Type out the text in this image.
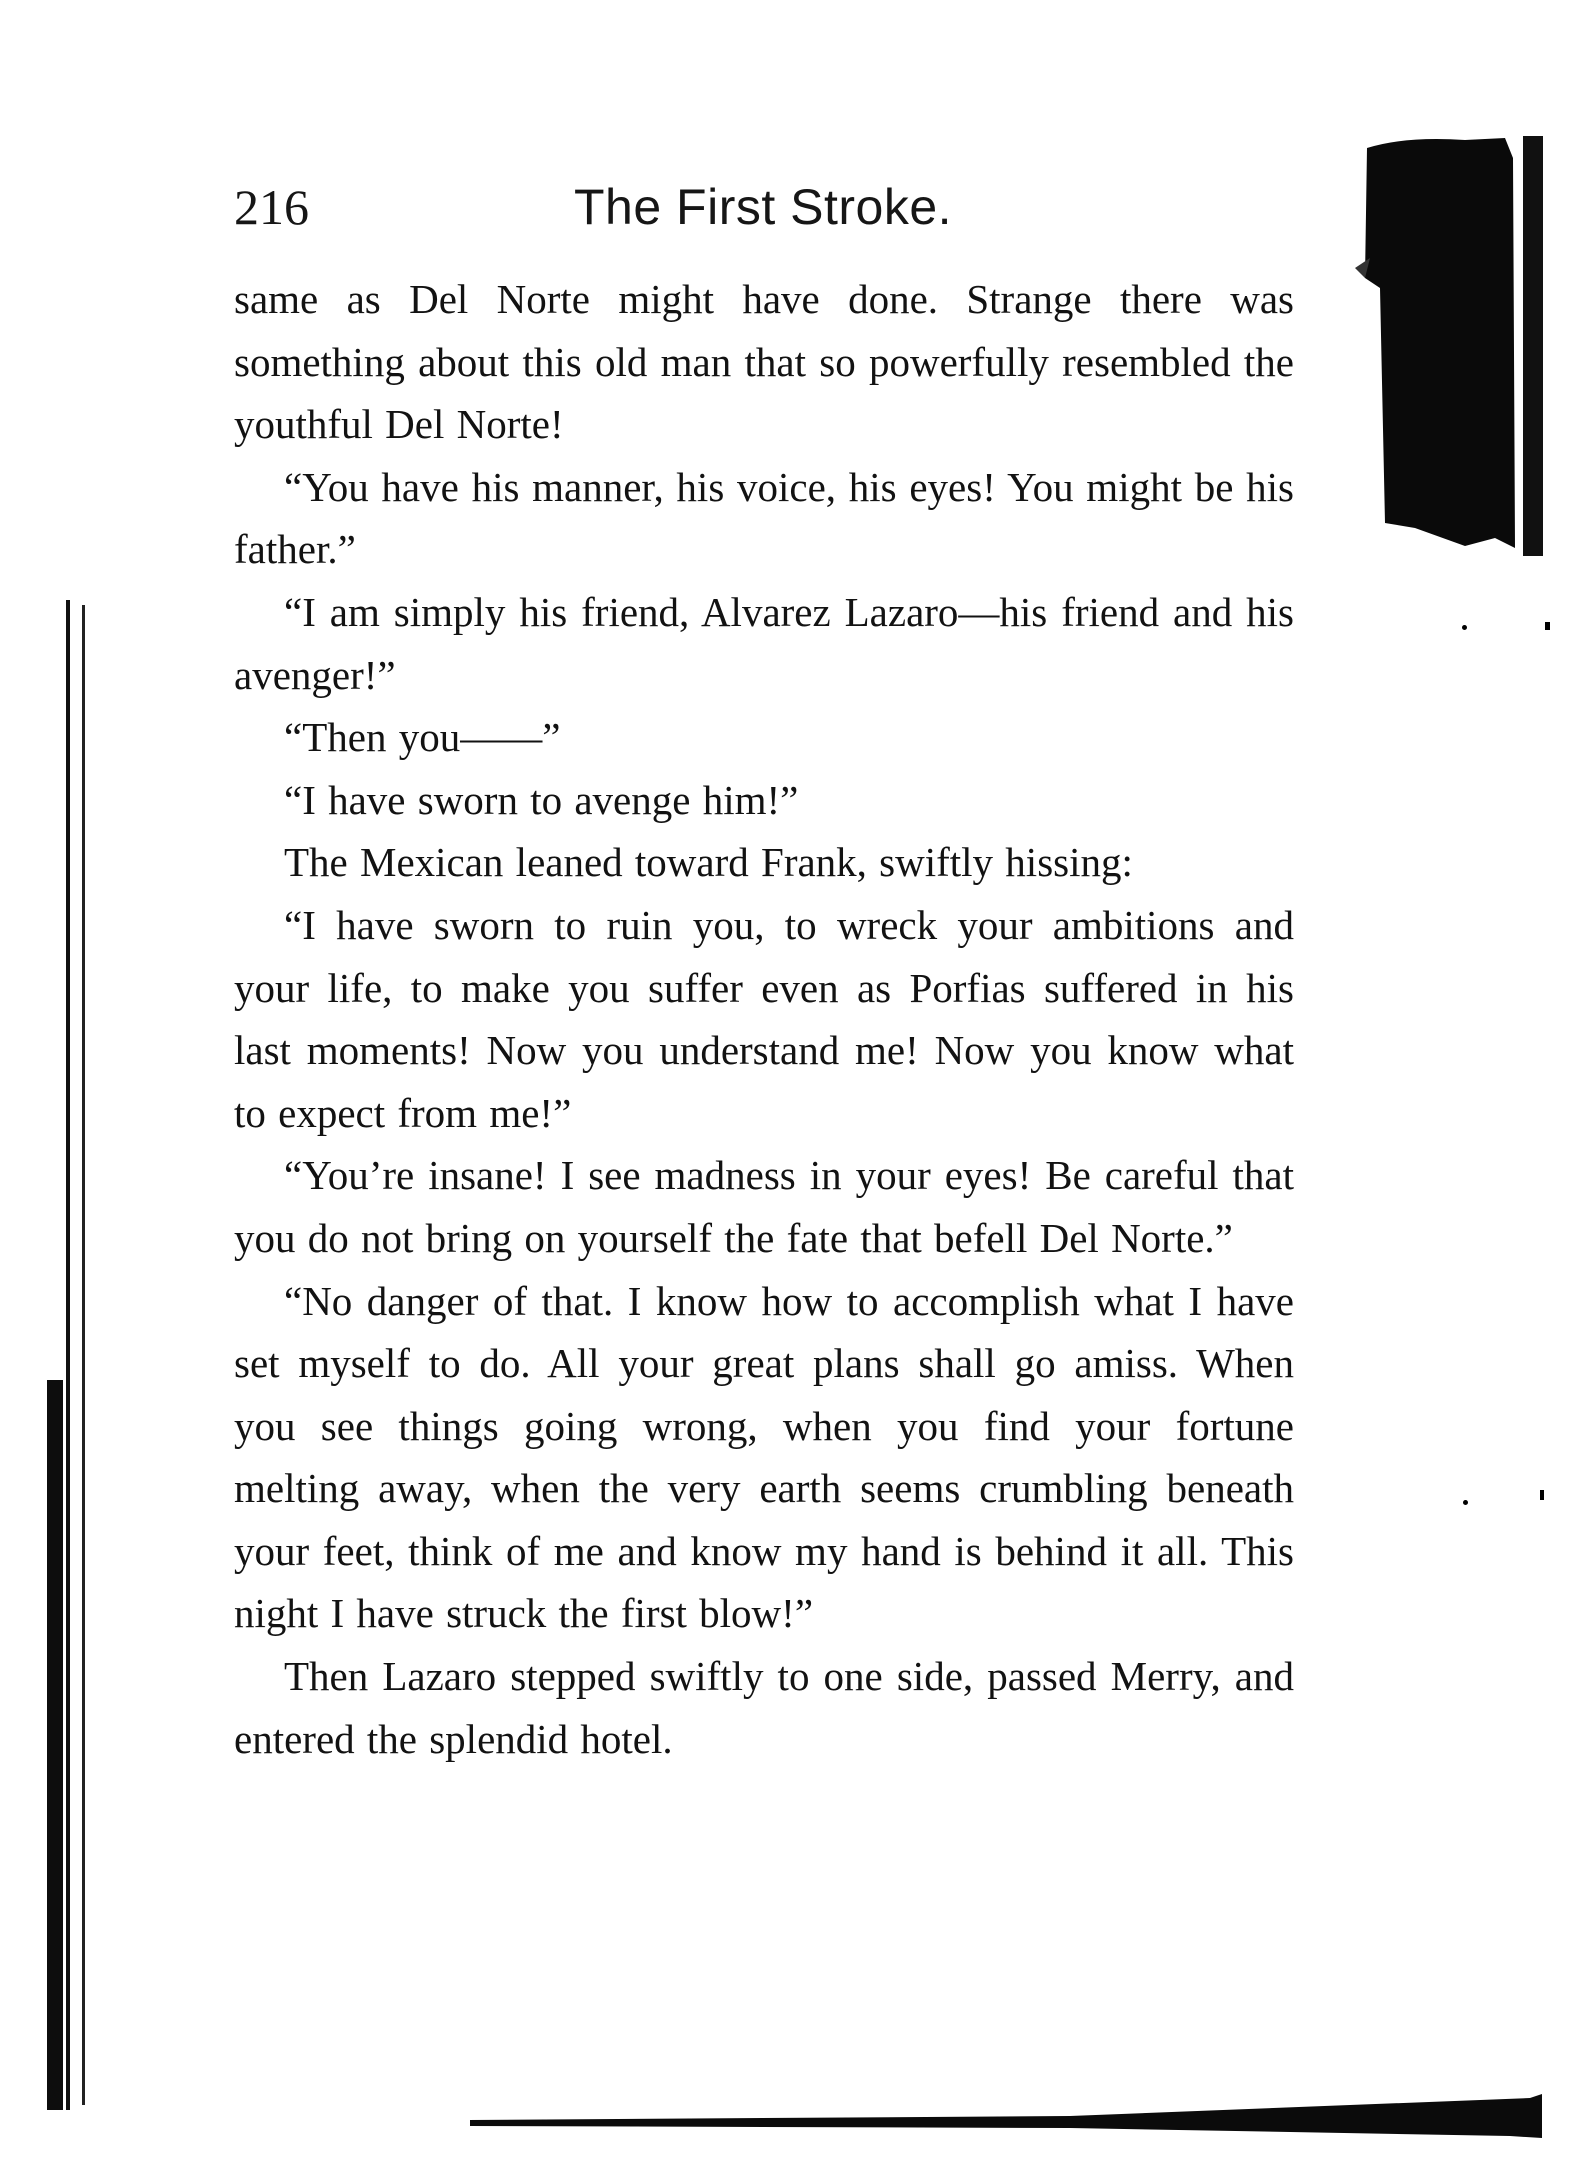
216	The First Stroke.

same as Del Norte might have done. Strange there was something about this old man that so powerfully resembled the youthful Del Norte!

“You have his manner, his voice, his eyes! You might be his father.”

“I am simply his friend, Alvarez Lazaro—his friend and his avenger!”

“Then you——”

“I have sworn to avenge him!”

The Mexican leaned toward Frank, swiftly hissing:

“I have sworn to ruin you, to wreck your ambitions and your life, to make you suffer even as Porfias suffered in his last moments! Now you understand me! Now you know what to expect from me!”

“You’re insane! I see madness in your eyes! Be careful that you do not bring on yourself the fate that befell Del Norte.”

“No danger of that. I know how to accomplish what I have set myself to do. All your great plans shall go amiss. When you see things going wrong, when you find your fortune melting away, when the very earth seems crumbling beneath your feet, think of me and know my hand is behind it all. This night I have struck the first blow!”

Then Lazaro stepped swiftly to one side, passed Merry, and entered the splendid hotel.
